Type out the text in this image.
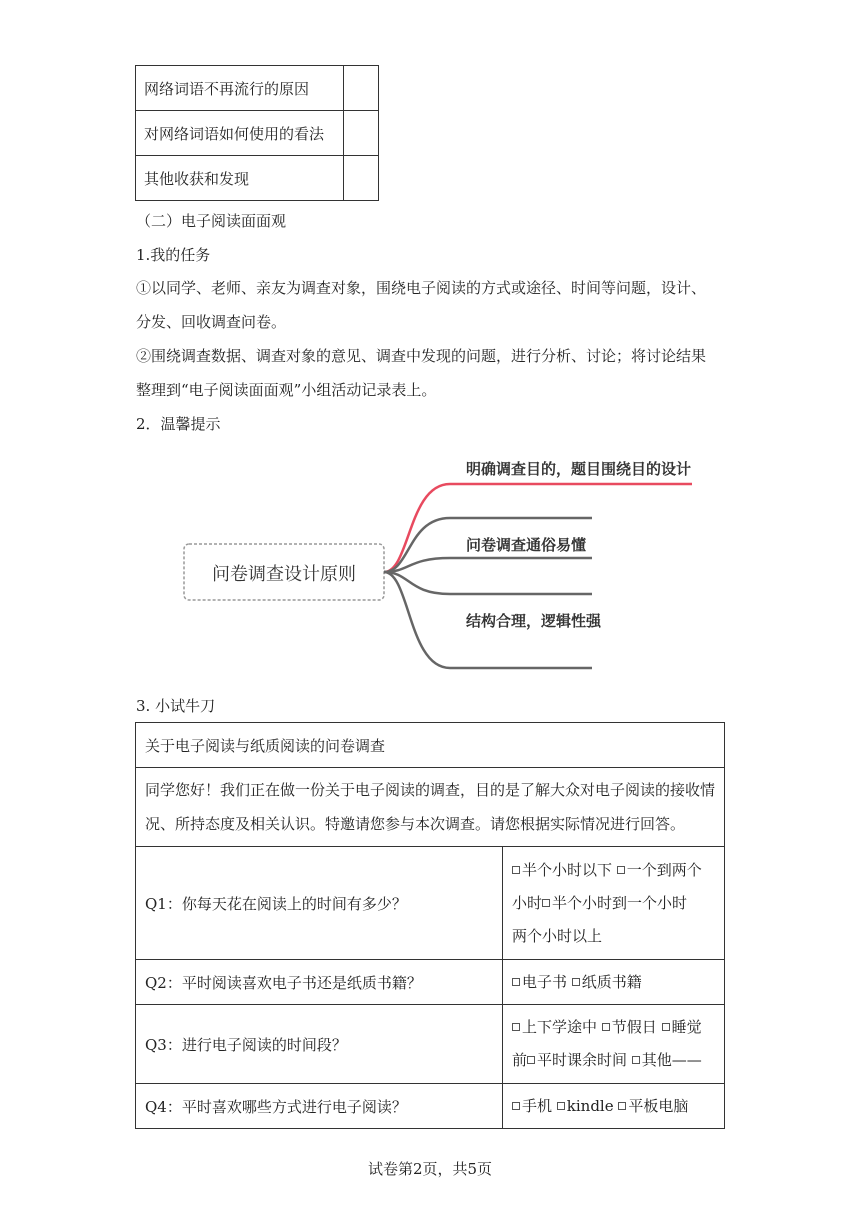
网络词语不再流行的原因	
对网络词语如何使用的看法	
其他收获和发现	
（二）电子阅读面面观
1.我的任务
①以同学、老师、亲友为调查对象，围绕电子阅读的方式或途径、时间等问题，设计、
分发、回收调查问卷。
②围绕调查数据、调查对象的意见、调查中发现的问题，进行分析、讨论；将讨论结果
整理到“电子阅读面面观”小组活动记录表上。
2．温馨提示
问卷调查设计原则
明确调查目的，题目围绕目的设计
问卷调查通俗易懂
结构合理，逻辑性强
3. 小试牛刀
关于电子阅读与纸质阅读的问卷调查	

同学您好！我们正在做一份关于电子阅读的调查，目的是了解大众对电子阅读的接收情
况、所持态度及相关认识。特邀请您参与本次调查。请您根据实际情况进行回答。	

Q1：你每天花在阅读上的时间有多少？	半个小时以下 一个到两个
小时 半个小时到一个小时
两个小时以上

Q2：平时阅读喜欢电子书还是纸质书籍？	电子书 纸质书籍
Q3：进行电子阅读的时间段？	上下学途中 节假日 睡觉
前 平时课余时间 其他——

Q4：平时喜欢哪些方式进行电子阅读？	手机 kindle 平板电脑
试卷第2页，共5页
